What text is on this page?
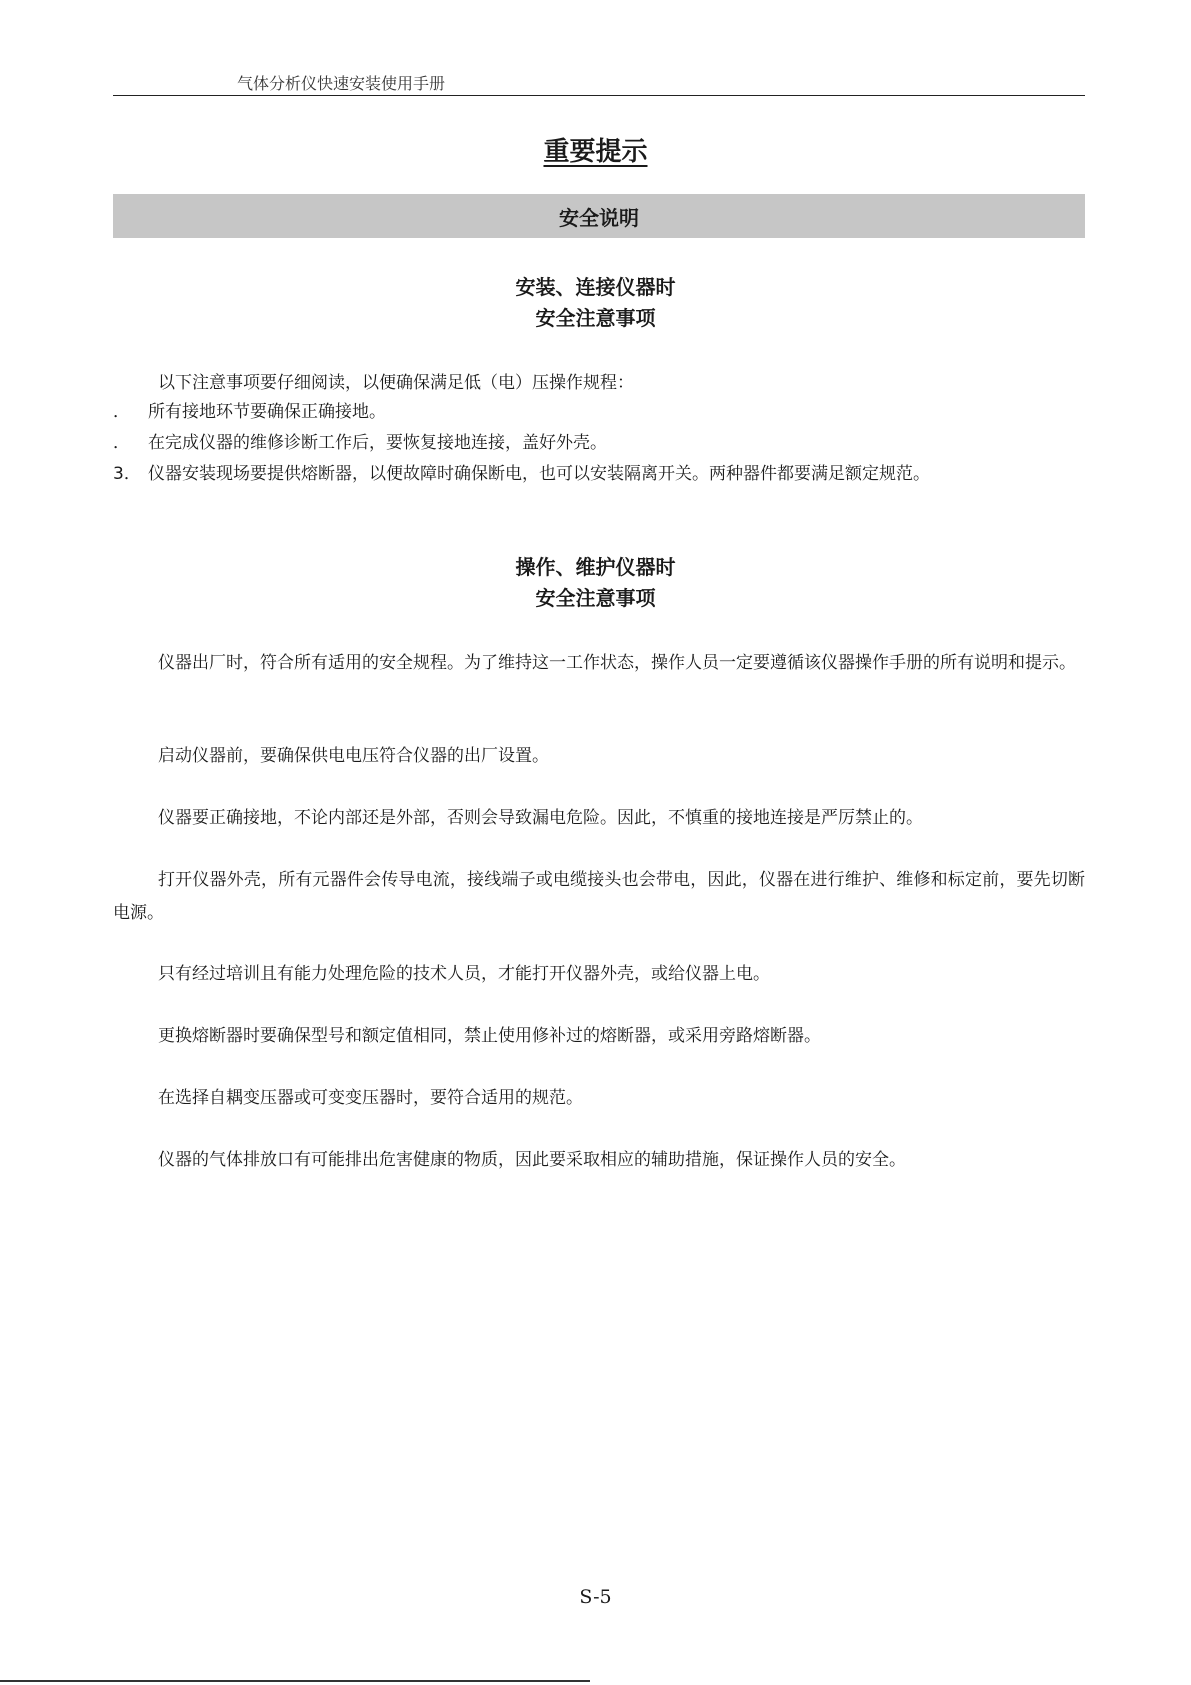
气体分析仪快速安装使用手册
重要提示
安全说明
安装、连接仪器时
安全注意事项
以下注意事项要仔细阅读，以便确保满足低（电）压操作规程：
． 所有接地环节要确保正确接地。
． 在完成仪器的维修诊断工作后，要恢复接地连接，盖好外壳。
3． 仪器安装现场要提供熔断器，以便故障时确保断电，也可以安装隔离开关。两种器件都要满足额定规范。
操作、维护仪器时
安全注意事项
仪器出厂时，符合所有适用的安全规程。为了维持这一工作状态，操作人员一定要遵循该仪器操作手册的所有说明和提示。
启动仪器前，要确保供电电压符合仪器的出厂设置。
仪器要正确接地，不论内部还是外部，否则会导致漏电危险。因此，不慎重的接地连接是严厉禁止的。
打开仪器外壳，所有元器件会传导电流，接线端子或电缆接头也会带电，因此，仪器在进行维护、维修和标定前，要先切断电源。
只有经过培训且有能力处理危险的技术人员，才能打开仪器外壳，或给仪器上电。
更换熔断器时要确保型号和额定值相同，禁止使用修补过的熔断器，或采用旁路熔断器。
在选择自耦变压器或可变变压器时，要符合适用的规范。
仪器的气体排放口有可能排出危害健康的物质，因此要采取相应的辅助措施，保证操作人员的安全。
S-5
